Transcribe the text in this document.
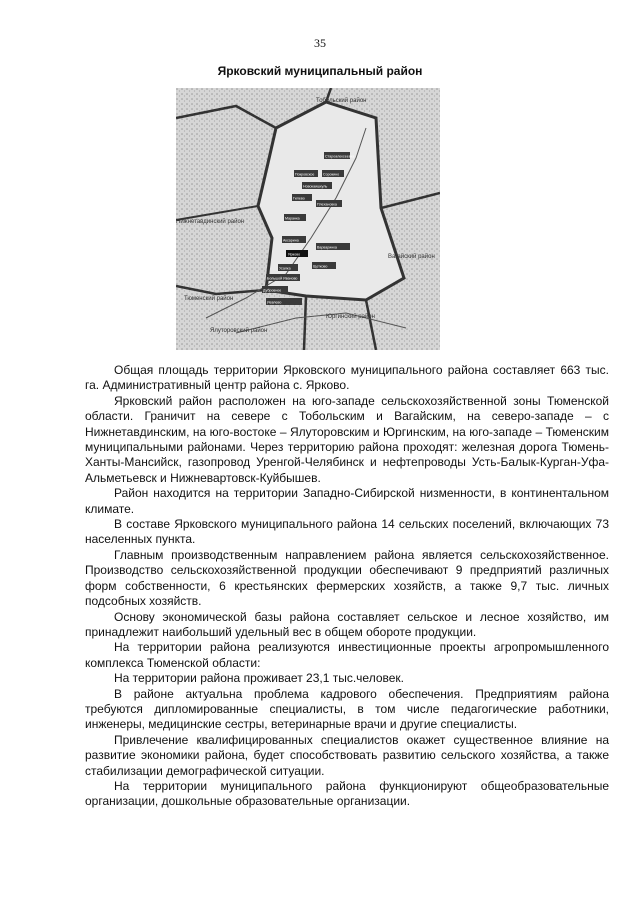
35
Ярковский муниципальный район
Староалексеевка
Покровское Сорокино
Новокаишкуль
Гилево
Плехановка
Маранка
Аксарина
Ярково
Варваринка
Усалка	Щетково
Большой Иваново
Дубровное
Иевлево
Тобольский район
Нижнетавдинский район
Вагайский район
Тюменский район
Ялуторовский район
Юргинский район

Общая площадь территории Ярковского муниципального района составляет 663 тыс. га. Административный центр района с. Ярково.

Ярковский район расположен на юго-западе сельскохозяйственной зоны Тюменской области. Граничит на севере с Тобольским и Вагайским, на северо-западе – с Нижнетавдинским, на юго-востоке – Ялуторовским и Юргинским, на юго-западе – Тюменским муниципальными районами. Через территорию района проходят: железная дорога Тюмень-Ханты-Мансийск, газопровод Уренгой-Челябинск и нефтепроводы Усть-Балык-Курган-Уфа-Альметьевск и Нижневартовск-Куйбышев.

Район находится на территории Западно-Сибирской низменности, в континентальном климате.

В составе Ярковского муниципального района 14 сельских поселений, включающих 73 населенных пункта.

Главным производственным направлением района является сельскохозяйственное. Производство сельскохозяйственной продукции обеспечивают 9 предприятий различных форм собственности, 6 крестьянских фермерских хозяйств, а также 9,7 тыс. личных подсобных хозяйств.

Основу экономической базы района составляет сельское и лесное хозяйство, им принадлежит наибольший удельный вес в общем обороте продукции.

На территории района реализуются инвестиционные проекты агропромышленного комплекса Тюменской области:

На территории района проживает 23,1 тыс.человек.

В районе актуальна проблема кадрового обеспечения. Предприятиям района требуются дипломированные специалисты, в том числе педагогические работники, инженеры, медицинские сестры, ветеринарные врачи и другие специалисты.

Привлечение квалифицированных специалистов окажет существенное влияние на развитие экономики района, будет способствовать развитию сельского хозяйства, а также стабилизации демографической ситуации.

На территории муниципального района функционируют общеобразовательные организации, дошкольные образовательные организации.
